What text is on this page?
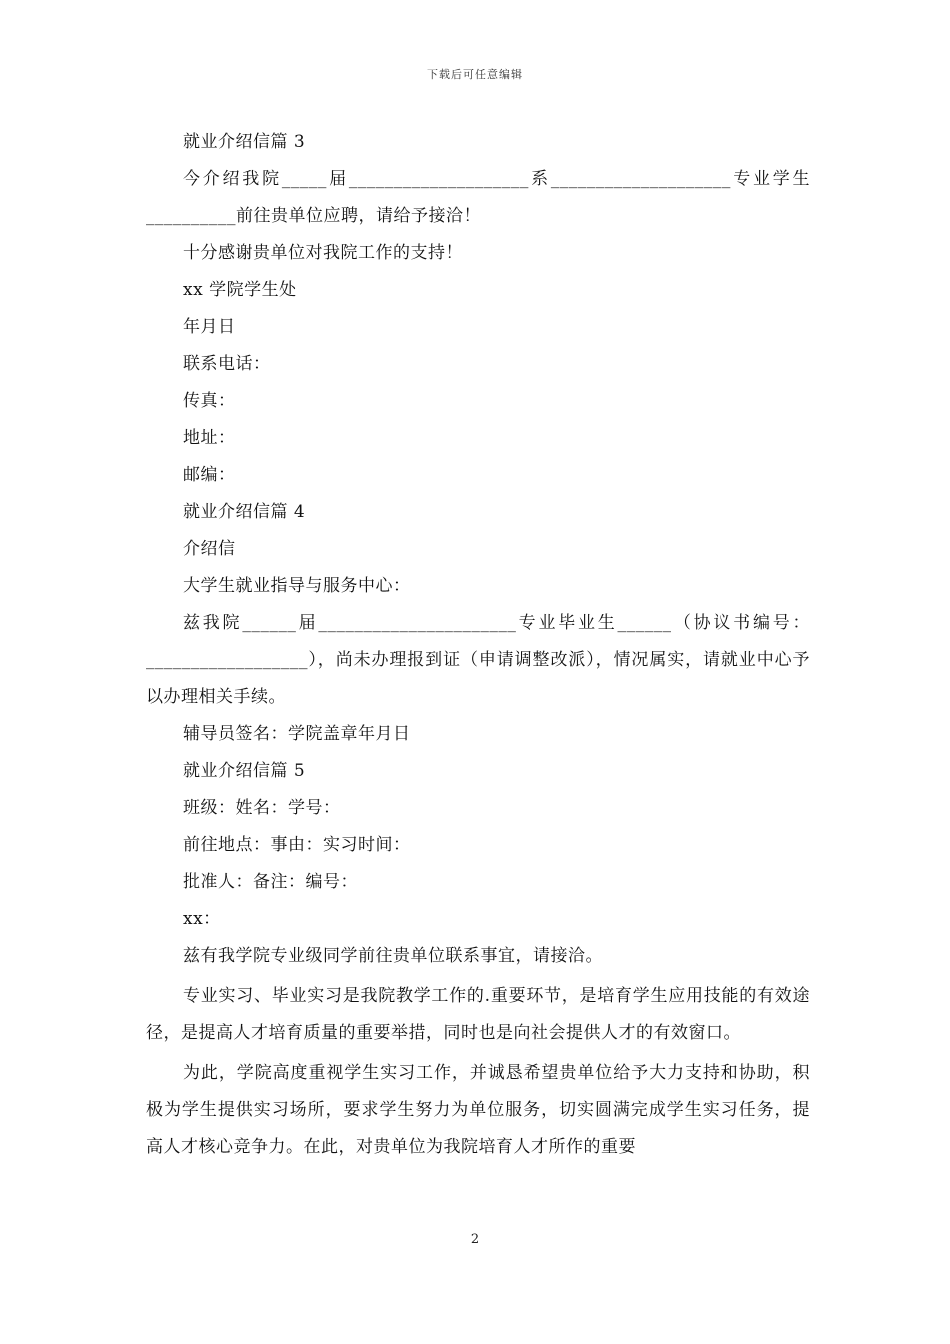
下载后可任意编辑

就业介绍信篇 3

今介绍我院_____届____________________系____________________专业学生__________前往贵单位应聘，请给予接洽！

十分感谢贵单位对我院工作的支持！

xx 学院学生处

年月日

联系电话：

传真：

地址：

邮编：

就业介绍信篇 4

介绍信

大学生就业指导与服务中心：

兹我院______届______________________专业毕业生______（协议书编号：__________________），尚未办理报到证（申请调整改派），情况属实，请就业中心予以办理相关手续。

辅导员签名：学院盖章年月日

就业介绍信篇 5

班级：姓名：学号：

前往地点：事由：实习时间：

批准人：备注：编号：

xx：

兹有我学院专业级同学前往贵单位联系事宜，请接洽。

专业实习、毕业实习是我院教学工作的.重要环节，是培育学生应用技能的有效途径，是提高人才培育质量的重要举措，同时也是向社会提供人才的有效窗口。

为此，学院高度重视学生实习工作，并诚恳希望贵单位给予大力支持和协助，积极为学生提供实习场所，要求学生努力为单位服务，切实圆满完成学生实习任务，提高人才核心竞争力。在此，对贵单位为我院培育人才所作的重要

2
